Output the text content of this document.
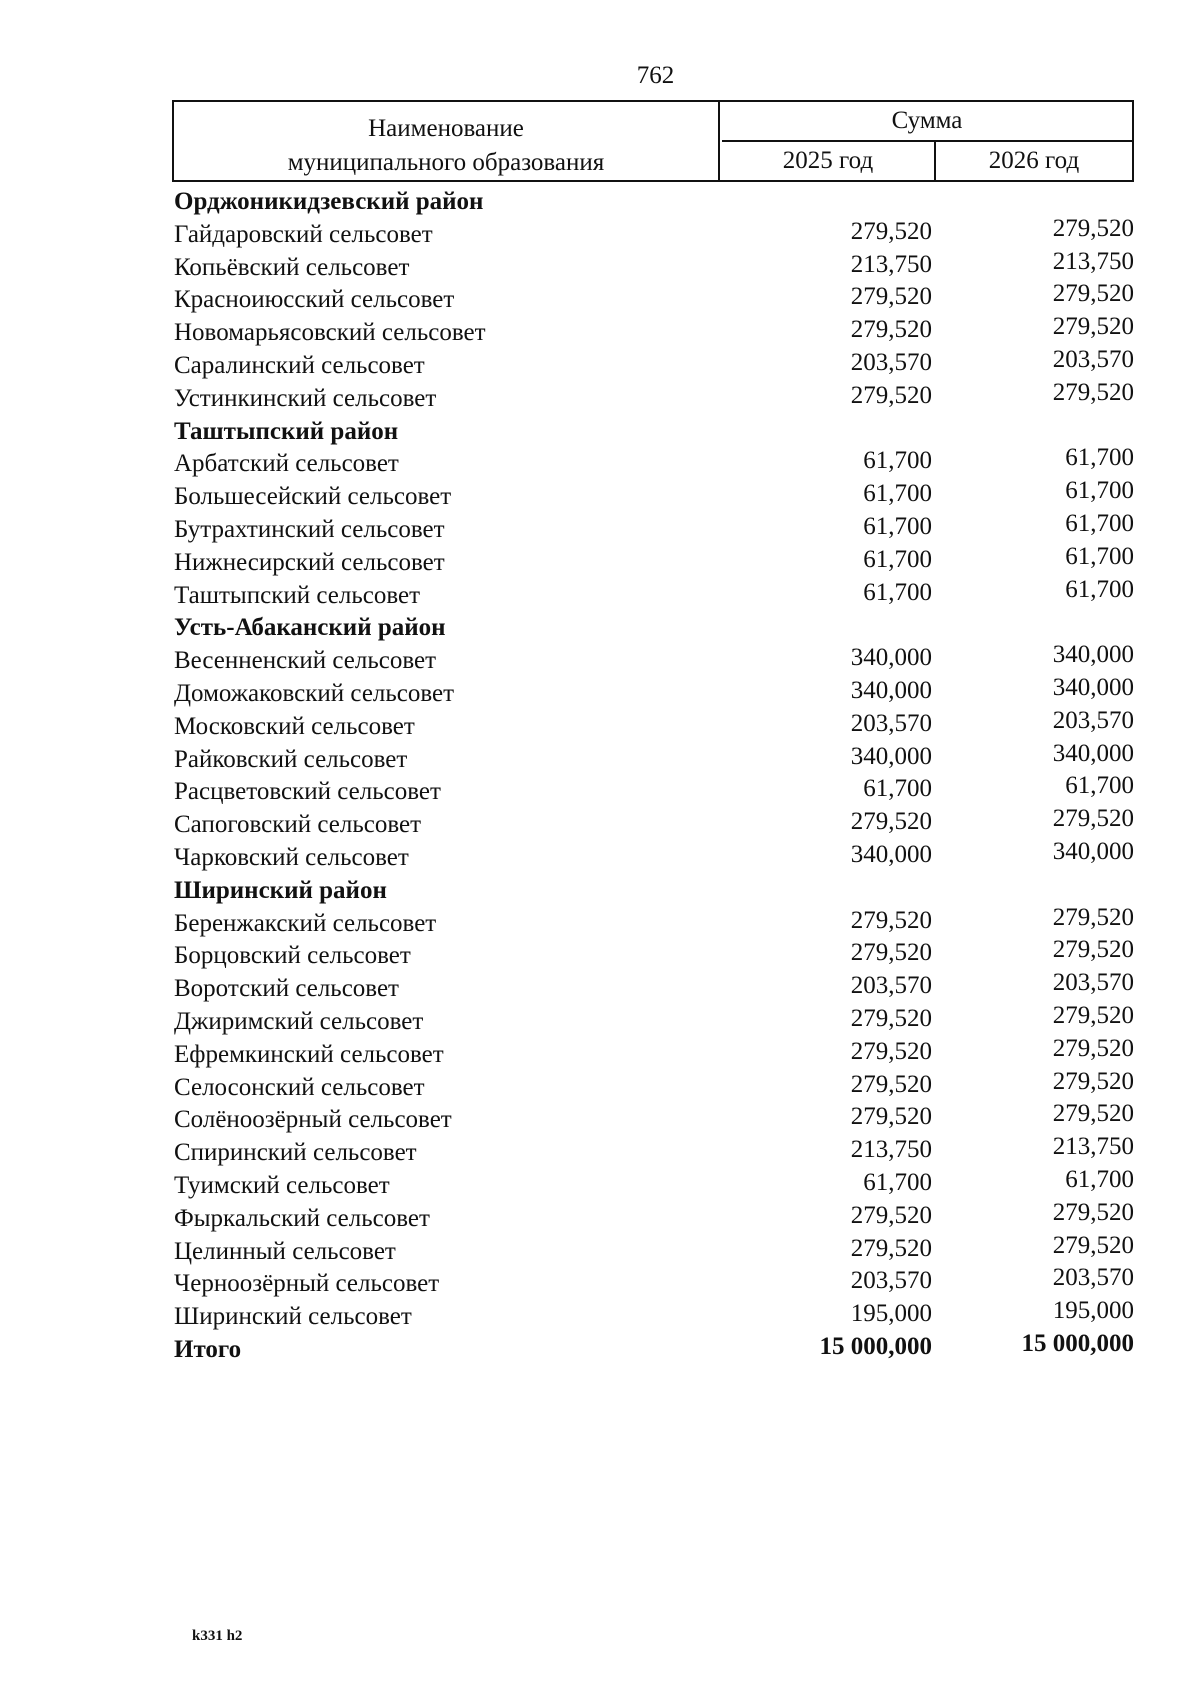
762
Наименование
муниципального образования
Сумма
2025 год	2026 год
Орджоникидзевский район
Гайдаровский сельсовет	279,520	279,520
Копьёвский сельсовет	213,750	213,750
Красноиюсский сельсовет	279,520	279,520
Новомарьясовский сельсовет	279,520	279,520
Саралинский сельсовет	203,570	203,570
Устинкинский сельсовет	279,520	279,520
Таштыпский район
Арбатский сельсовет	61,700	61,700
Большесейский сельсовет	61,700	61,700
Бутрахтинский сельсовет	61,700	61,700
Нижнесирский сельсовет	61,700	61,700
Таштыпский сельсовет	61,700	61,700
Усть-Абаканский район
Весенненский сельсовет	340,000	340,000
Доможаковский сельсовет	340,000	340,000
Московский сельсовет	203,570	203,570
Райковский сельсовет	340,000	340,000
Расцветовский сельсовет	61,700	61,700
Сапоговский сельсовет	279,520	279,520
Чарковский сельсовет	340,000	340,000
Ширинский район
Беренжакский сельсовет	279,520	279,520
Борцовский сельсовет	279,520	279,520
Воротский сельсовет	203,570	203,570
Джиримский сельсовет	279,520	279,520
Ефремкинский сельсовет	279,520	279,520
Селосонский сельсовет	279,520	279,520
Солёноозёрный сельсовет	279,520	279,520
Спиринский сельсовет	213,750	213,750
Туимский сельсовет	61,700	61,700
Фыркальский сельсовет	279,520	279,520
Целинный сельсовет	279,520	279,520
Черноозёрный сельсовет	203,570	203,570
Ширинский сельсовет	195,000	195,000
Итого	15 000,000	15 000,000
k331 h2
